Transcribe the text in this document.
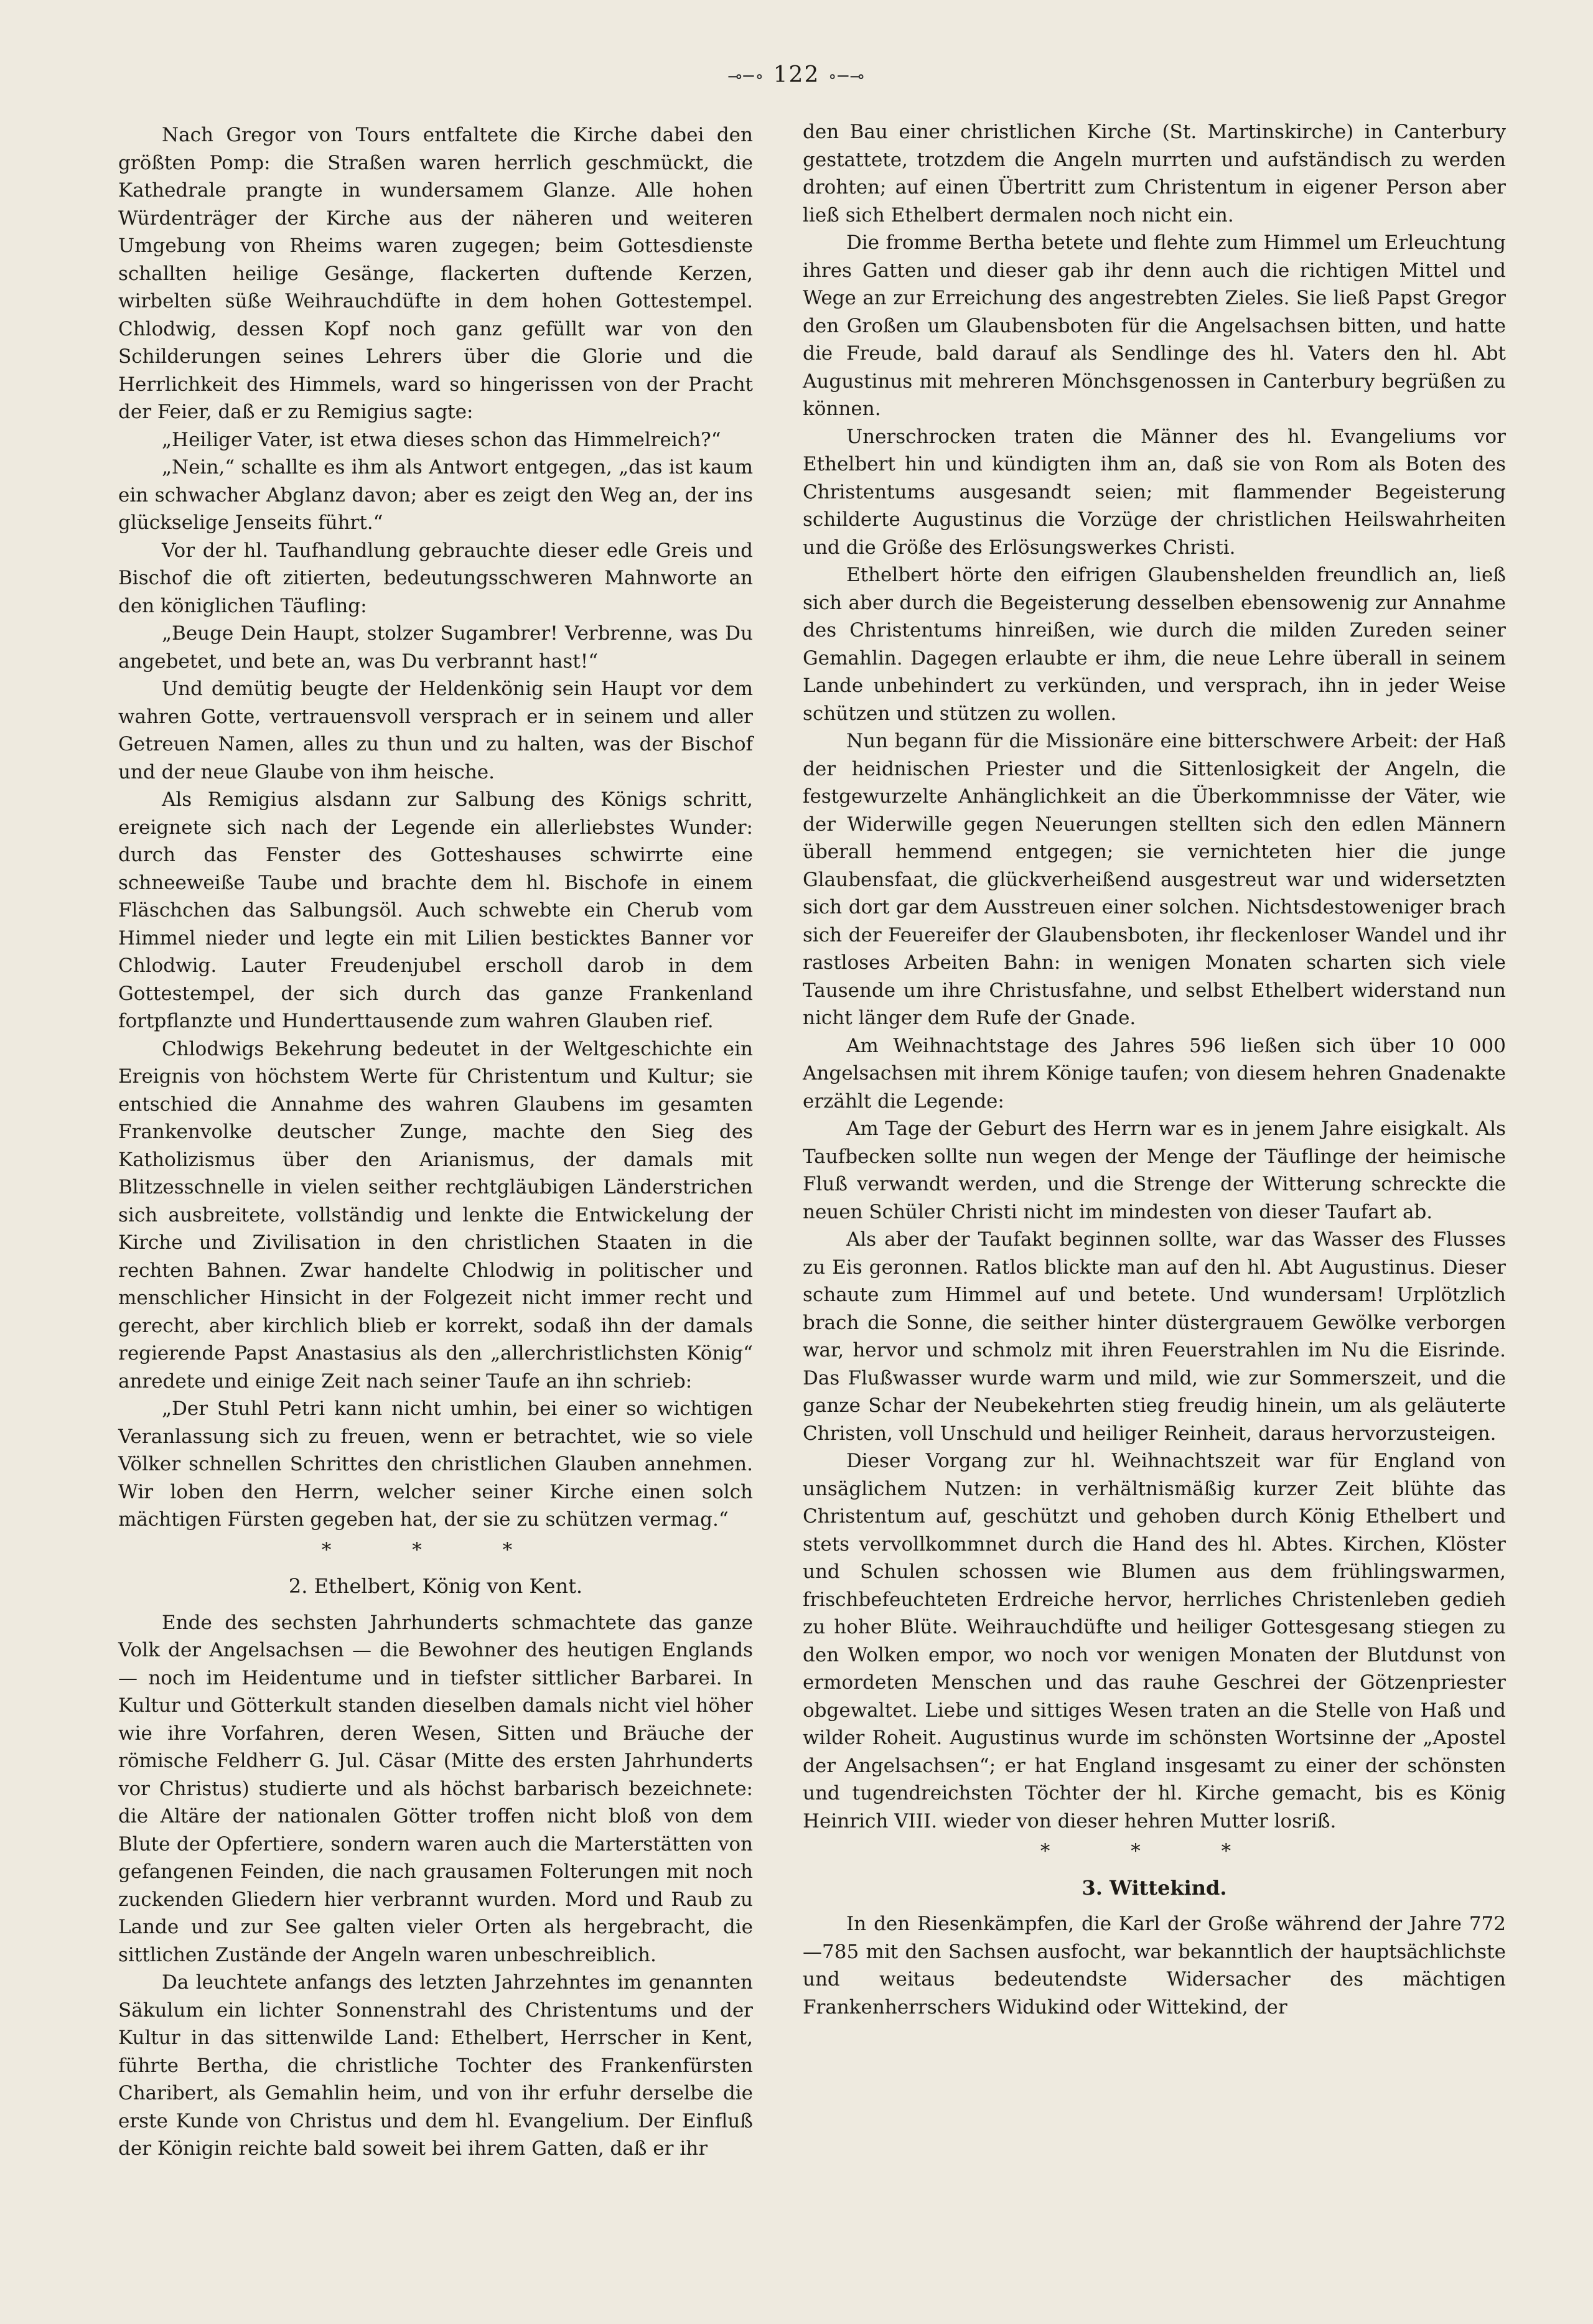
⊸─∘ 122 ∘─⊸

Nach Gregor von Tours entfaltete die Kirche dabei den größten Pomp: die Straßen waren herrlich geschmückt, die Kathedrale prangte in wundersamem Glanze. Alle hohen Würdenträger der Kirche aus der näheren und weiteren Umgebung von Rheims waren zugegen; beim Gottesdienste schallten heilige Gesänge, flackerten duftende Kerzen, wirbelten süße Weihrauchdüfte in dem hohen Gottestempel. Chlodwig, dessen Kopf noch ganz gefüllt war von den Schilderungen seines Lehrers über die Glorie und die Herrlichkeit des Himmels, ward so hingerissen von der Pracht der Feier, daß er zu Remigius sagte:

„Heiliger Vater, ist etwa dieses schon das Himmelreich?“

„Nein,“ schallte es ihm als Antwort entgegen, „das ist kaum ein schwacher Abglanz davon; aber es zeigt den Weg an, der ins glückselige Jenseits führt.“

Vor der hl. Taufhandlung gebrauchte dieser edle Greis und Bischof die oft zitierten, bedeutungsschweren Mahnworte an den königlichen Täufling:

„Beuge Dein Haupt, stolzer Sugambrer! Verbrenne, was Du angebetet, und bete an, was Du verbrannt hast!“

Und demütig beugte der Heldenkönig sein Haupt vor dem wahren Gotte, vertrauensvoll versprach er in seinem und aller Getreuen Namen, alles zu thun und zu halten, was der Bischof und der neue Glaube von ihm heische.

Als Remigius alsdann zur Salbung des Königs schritt, ereignete sich nach der Legende ein allerliebstes Wunder: durch das Fenster des Gotteshauses schwirrte eine schneeweiße Taube und brachte dem hl. Bischofe in einem Fläschchen das Salbungsöl. Auch schwebte ein Cherub vom Himmel nieder und legte ein mit Lilien besticktes Banner vor Chlodwig. Lauter Freudenjubel erscholl darob in dem Gottestempel, der sich durch das ganze Frankenland fortpflanzte und Hunderttausende zum wahren Glauben rief.

Chlodwigs Bekehrung bedeutet in der Weltgeschichte ein Ereignis von höchstem Werte für Christentum und Kultur; sie entschied die Annahme des wahren Glaubens im gesamten Frankenvolke deutscher Zunge, machte den Sieg des Katholizismus über den Arianismus, der damals mit Blitzesschnelle in vielen seither rechtgläubigen Länderstrichen sich ausbreitete, vollständig und lenkte die Entwickelung der Kirche und Zivilisation in den christlichen Staaten in die rechten Bahnen. Zwar handelte Chlodwig in politischer und menschlicher Hinsicht in der Folgezeit nicht immer recht und gerecht, aber kirchlich blieb er korrekt, sodaß ihn der damals regierende Papst Anastasius als den „allerchristlichsten König“ anredete und einige Zeit nach seiner Taufe an ihn schrieb:

„Der Stuhl Petri kann nicht umhin, bei einer so wichtigen Veranlassung sich zu freuen, wenn er betrachtet, wie so viele Völker schnellen Schrittes den christlichen Glauben annehmen. Wir loben den Herrn, welcher seiner Kirche einen solch mächtigen Fürsten gegeben hat, der sie zu schützen vermag.“

* * *
2. Ethelbert, König von Kent.

Ende des sechsten Jahrhunderts schmachtete das ganze Volk der Angelsachsen — die Bewohner des heutigen Englands — noch im Heidentume und in tiefster sittlicher Barbarei. In Kultur und Götterkult standen dieselben damals nicht viel höher wie ihre Vorfahren, deren Wesen, Sitten und Bräuche der römische Feldherr G. Jul. Cäsar (Mitte des ersten Jahrhunderts vor Christus) studierte und als höchst barbarisch bezeichnete: die Altäre der nationalen Götter troffen nicht bloß von dem Blute der Opfertiere, sondern waren auch die Marterstätten von gefangenen Feinden, die nach grausamen Folterungen mit noch zuckenden Gliedern hier verbrannt wurden. Mord und Raub zu Lande und zur See galten vieler Orten als hergebracht, die sittlichen Zustände der Angeln waren unbeschreiblich.

Da leuchtete anfangs des letzten Jahrzehntes im genannten Säkulum ein lichter Sonnenstrahl des Christentums und der Kultur in das sittenwilde Land: Ethelbert, Herrscher in Kent, führte Bertha, die christliche Tochter des Frankenfürsten Charibert, als Gemahlin heim, und von ihr erfuhr derselbe die erste Kunde von Christus und dem hl. Evangelium. Der Einfluß der Königin reichte bald soweit bei ihrem Gatten, daß er ihr

den Bau einer christlichen Kirche (St. Martinskirche) in Canterbury gestattete, trotzdem die Angeln murrten und aufständisch zu werden drohten; auf einen Übertritt zum Christentum in eigener Person aber ließ sich Ethelbert dermalen noch nicht ein.

Die fromme Bertha betete und flehte zum Himmel um Erleuchtung ihres Gatten und dieser gab ihr denn auch die richtigen Mittel und Wege an zur Erreichung des angestrebten Zieles. Sie ließ Papst Gregor den Großen um Glaubensboten für die Angelsachsen bitten, und hatte die Freude, bald darauf als Sendlinge des hl. Vaters den hl. Abt Augustinus mit mehreren Mönchsgenossen in Canterbury begrüßen zu können.

Unerschrocken traten die Männer des hl. Evangeliums vor Ethelbert hin und kündigten ihm an, daß sie von Rom als Boten des Christentums ausgesandt seien; mit flammender Begeisterung schilderte Augustinus die Vorzüge der christlichen Heilswahrheiten und die Größe des Erlösungswerkes Christi.

Ethelbert hörte den eifrigen Glaubenshelden freundlich an, ließ sich aber durch die Begeisterung desselben ebensowenig zur Annahme des Christentums hinreißen, wie durch die milden Zureden seiner Gemahlin. Dagegen erlaubte er ihm, die neue Lehre überall in seinem Lande unbehindert zu verkünden, und versprach, ihn in jeder Weise schützen und stützen zu wollen.

Nun begann für die Missionäre eine bitterschwere Arbeit: der Haß der heidnischen Priester und die Sittenlosigkeit der Angeln, die festgewurzelte Anhänglichkeit an die Überkommnisse der Väter, wie der Widerwille gegen Neuerungen stellten sich den edlen Männern überall hemmend entgegen; sie vernichteten hier die junge Glaubensfaat, die glückverheißend ausgestreut war und widersetzten sich dort gar dem Ausstreuen einer solchen. Nichtsdestoweniger brach sich der Feuereifer der Glaubensboten, ihr fleckenloser Wandel und ihr rastloses Arbeiten Bahn: in wenigen Monaten scharten sich viele Tausende um ihre Christusfahne, und selbst Ethelbert widerstand nun nicht länger dem Rufe der Gnade.

Am Weihnachtstage des Jahres 596 ließen sich über 10 000 Angelsachsen mit ihrem Könige taufen; von diesem hehren Gnadenakte erzählt die Legende:

Am Tage der Geburt des Herrn war es in jenem Jahre eisigkalt. Als Taufbecken sollte nun wegen der Menge der Täuflinge der heimische Fluß verwandt werden, und die Strenge der Witterung schreckte die neuen Schüler Christi nicht im mindesten von dieser Taufart ab.

Als aber der Taufakt beginnen sollte, war das Wasser des Flusses zu Eis geronnen. Ratlos blickte man auf den hl. Abt Augustinus. Dieser schaute zum Himmel auf und betete. Und wundersam! Urplötzlich brach die Sonne, die seither hinter düstergrauem Gewölke verborgen war, hervor und schmolz mit ihren Feuerstrahlen im Nu die Eisrinde. Das Flußwasser wurde warm und mild, wie zur Sommerszeit, und die ganze Schar der Neubekehrten stieg freudig hinein, um als geläuterte Christen, voll Unschuld und heiliger Reinheit, daraus hervorzusteigen.

Dieser Vorgang zur hl. Weihnachtszeit war für England von unsäglichem Nutzen: in verhältnismäßig kurzer Zeit blühte das Christentum auf, geschützt und gehoben durch König Ethelbert und stets vervollkommnet durch die Hand des hl. Abtes. Kirchen, Klöster und Schulen schossen wie Blumen aus dem frühlingswarmen, frischbefeuchteten Erdreiche hervor, herrliches Christenleben gedieh zu hoher Blüte. Weihrauchdüfte und heiliger Gottesgesang stiegen zu den Wolken empor, wo noch vor wenigen Monaten der Blutdunst von ermordeten Menschen und das rauhe Geschrei der Götzenpriester obgewaltet. Liebe und sittiges Wesen traten an die Stelle von Haß und wilder Roheit. Augustinus wurde im schönsten Wortsinne der „Apostel der Angelsachsen“; er hat England insgesamt zu einer der schönsten und tugendreichsten Töchter der hl. Kirche gemacht, bis es König Heinrich VIII. wieder von dieser hehren Mutter losriß.

* * *
3. Wittekind.

In den Riesenkämpfen, die Karl der Große während der Jahre 772—785 mit den Sachsen ausfocht, war bekanntlich der hauptsächlichste und weitaus bedeutendste Widersacher des mächtigen Frankenherrschers Widukind oder Wittekind, der
